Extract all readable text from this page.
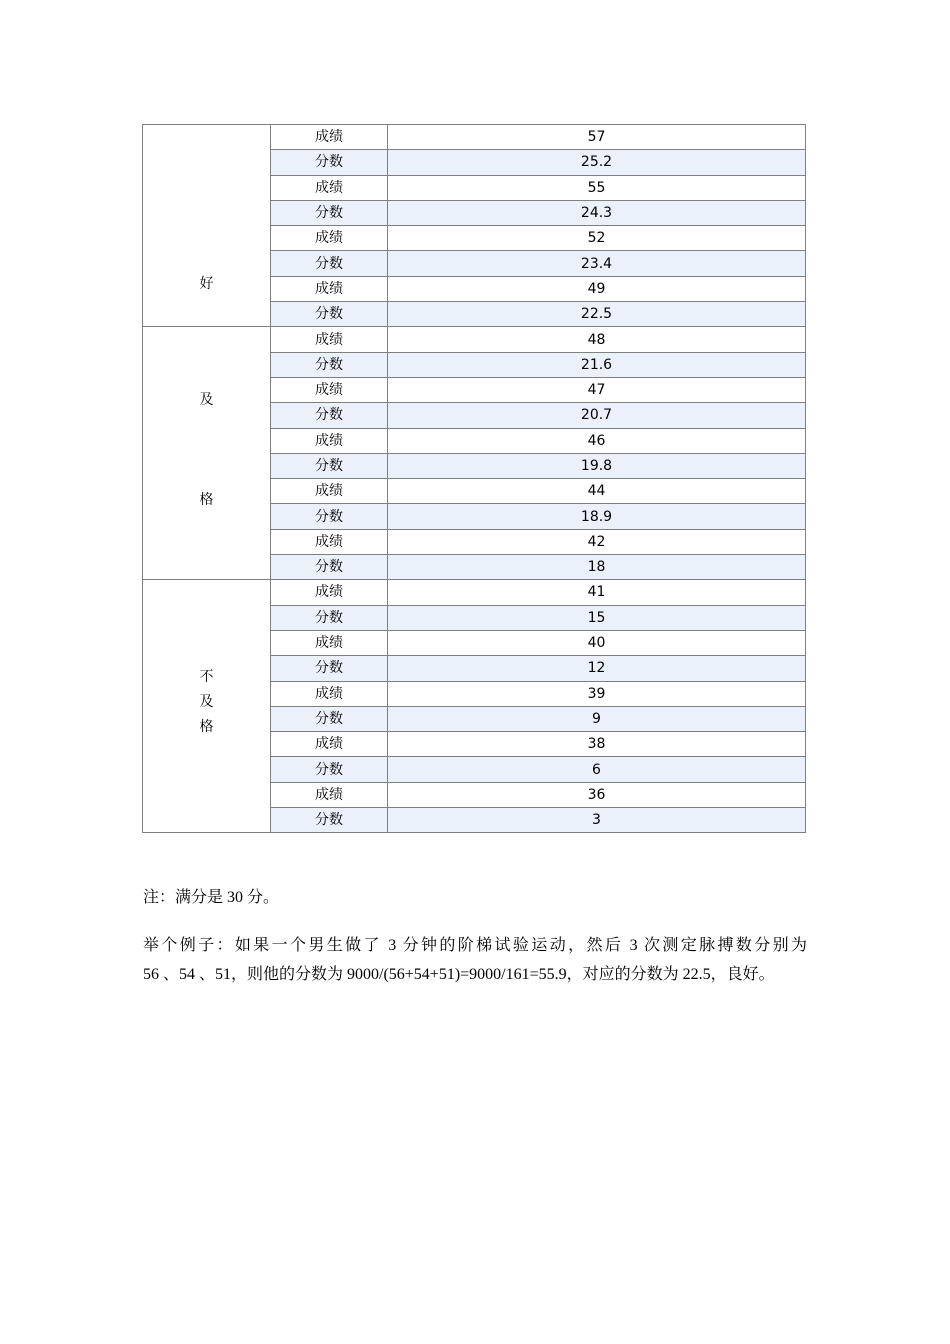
好	成绩	57
	分数	25.2
	成绩	55
	分数	24.3
	成绩	52
	分数	23.4
	成绩	49
	分数	22.5

及
格	成绩	48
	分数	21.6
	成绩	47
	分数	20.7
	成绩	46
	分数	19.8
	成绩	44
	分数	18.9
	成绩	42
	分数	18

不
及
格	成绩	41
	分数	15
	成绩	40
	分数	12
	成绩	39
	分数	9
	成绩	38
	分数	6
	成绩	36
	分数	3
注：满分是 30 分。
举个例子：如果一个男生做了 3 分钟的阶梯试验运动，然后 3 次测定脉搏数分别为
56 、54 、51，则他的分数为 9000/(56+54+51)=9000/161=55.9，对应的分数为 22.5，良好。
